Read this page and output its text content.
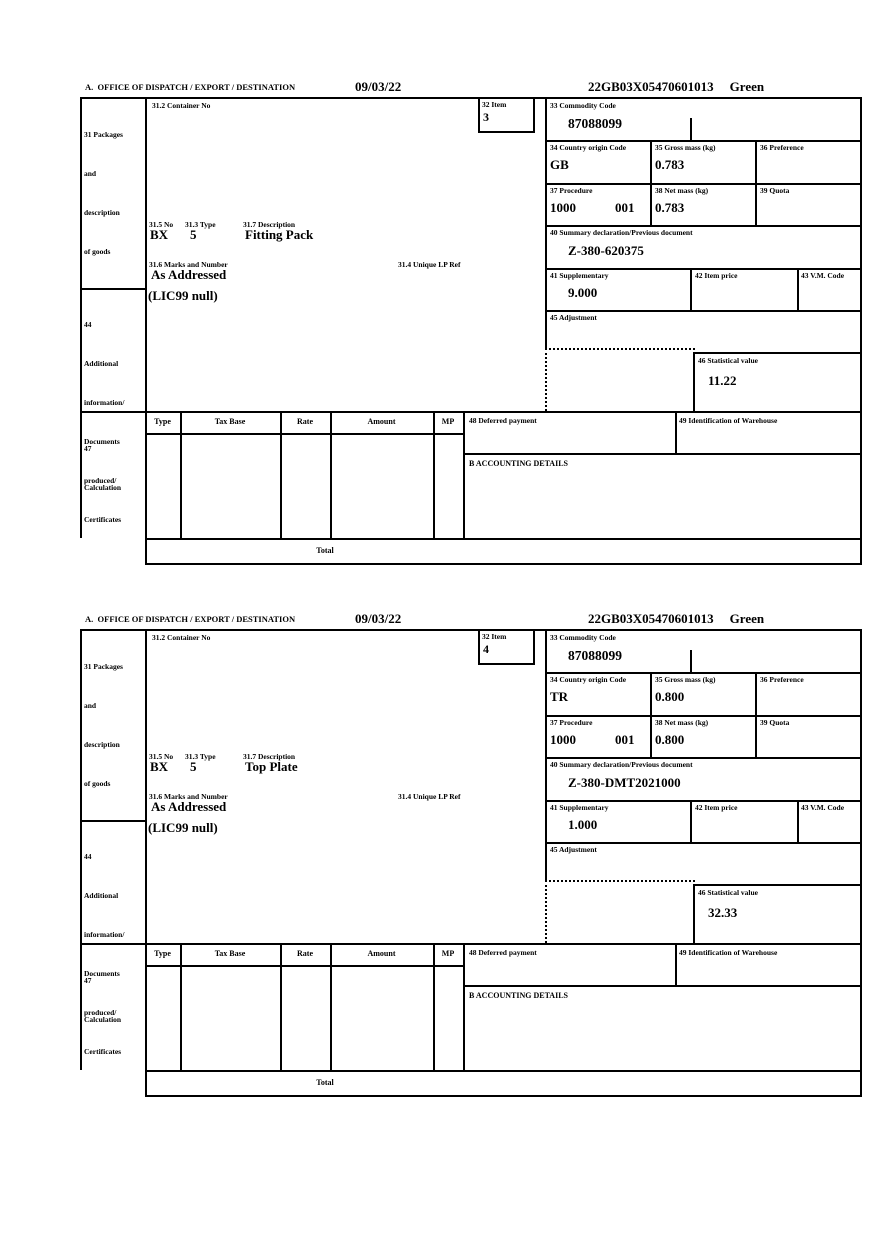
A.  OFFICE OF DISPATCH / EXPORT / DESTINATION	09/03/22	22GB03X05470601013 Green

31 Packages

and

description

of goods

44

Additional

information/

Documents

produced/

Certificates

47

Calculation

31.2 Container No	32 Item
3
31.5 No 31.3 Type	31.7 Description
BX 5	Fitting Pack
31.6 Marks and Number	31.4 Unique LP Ref
As Addressed
(LIC99 null)
33 Commodity Code
87088099
34 Country origin Code
GB
35 Gross mass (kg)
0.783
36 Preference
37 Procedure
1000	001
38 Net mass (kg)
0.783
39 Quota
40 Summary declaration/Previous document
Z-380-620375
41 Supplementary
9.000
42 Item price	43 V.M. Code
45 Adjustment
46 Statistical value
11.22
Type	Tax Base	Rate	Amount	MP
Total
48 Deferred payment	49 Identification of Warehouse
B ACCOUNTING DETAILS
A.  OFFICE OF DISPATCH / EXPORT / DESTINATION	09/03/22	22GB03X05470601013 Green

31 Packages

and

description

of goods

44

Additional

information/

Documents

produced/

Certificates

47

Calculation

31.2 Container No	32 Item
4
31.5 No 31.3 Type	31.7 Description
BX 5	Top Plate
31.6 Marks and Number	31.4 Unique LP Ref
As Addressed
(LIC99 null)
33 Commodity Code
87088099
34 Country origin Code
TR
35 Gross mass (kg)
0.800
36 Preference
37 Procedure
1000	001
38 Net mass (kg)
0.800
39 Quota
40 Summary declaration/Previous document
Z-380-DMT2021000
41 Supplementary
1.000
42 Item price	43 V.M. Code
45 Adjustment
46 Statistical value
32.33
Type	Tax Base	Rate	Amount	MP
Total
48 Deferred payment	49 Identification of Warehouse
B ACCOUNTING DETAILS
